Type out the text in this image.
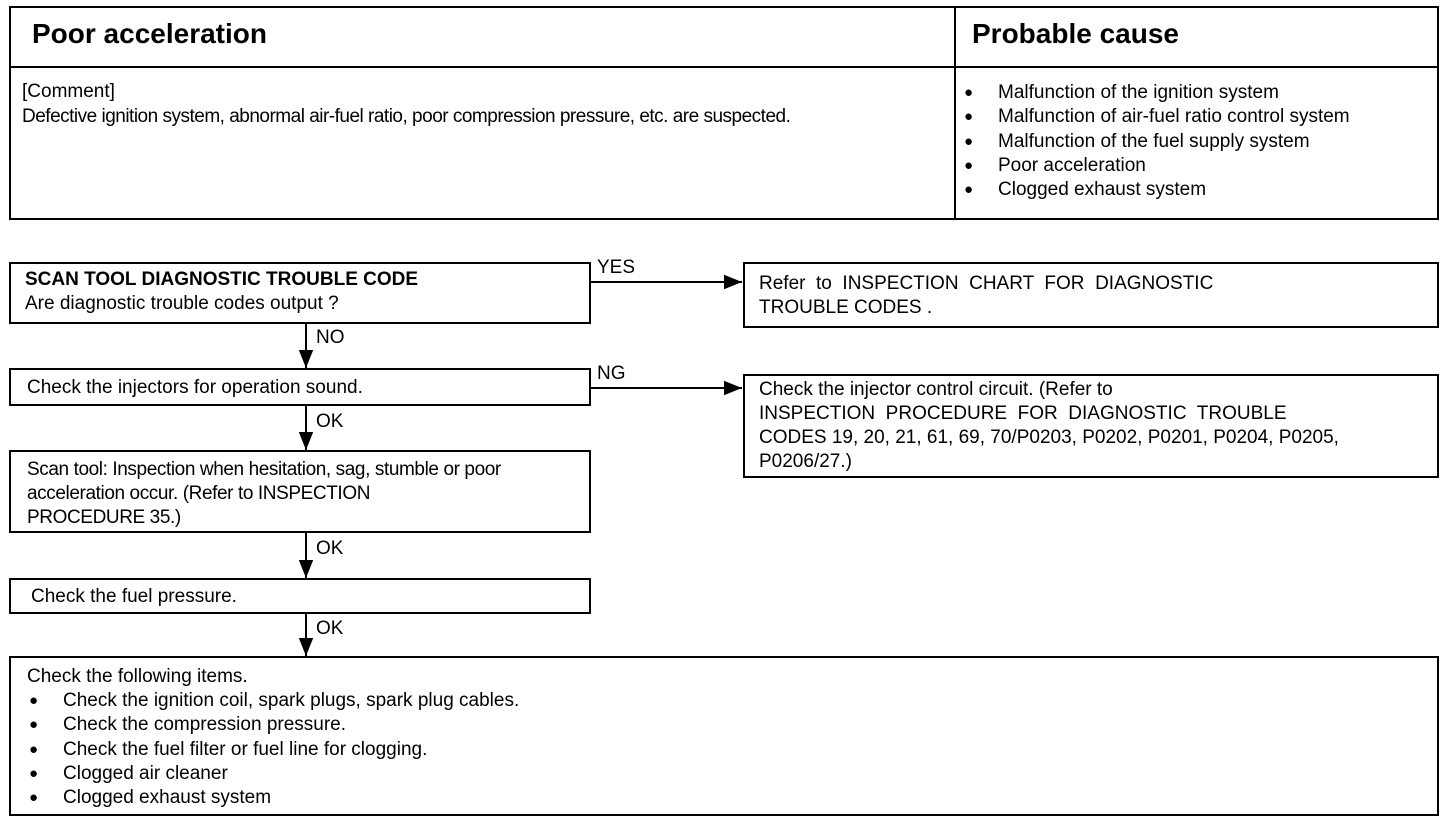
Poor acceleration	Probable cause
[Comment]
Defective ignition system, abnormal air-fuel ratio, poor compression pressure, etc. are suspected.
● Malfunction of the ignition system
● Malfunction of air-fuel ratio control system
● Malfunction of the fuel supply system
● Poor acceleration
● Clogged exhaust system
SCAN TOOL DIAGNOSTIC TROUBLE CODE
Are diagnostic trouble codes output ?
YES
Refer  to  INSPECTION  CHART  FOR  DIAGNOSTIC
TROUBLE CODES .
NO
Check the injectors for operation sound.
NG
Check the injector control circuit. (Refer to
INSPECTION  PROCEDURE  FOR  DIAGNOSTIC  TROUBLE
CODES 19, 20, 21, 61, 69, 70/P0203, P0202, P0201, P0204, P0205,
P0206/27.)
OK
Scan tool: Inspection when hesitation, sag, stumble or poor
acceleration occur. (Refer to INSPECTION
PROCEDURE 35.)
OK
Check the fuel pressure.
OK
Check the following items.
● Check the ignition coil, spark plugs, spark plug cables.
● Check the compression pressure.
● Check the fuel filter or fuel line for clogging.
● Clogged air cleaner
● Clogged exhaust system
